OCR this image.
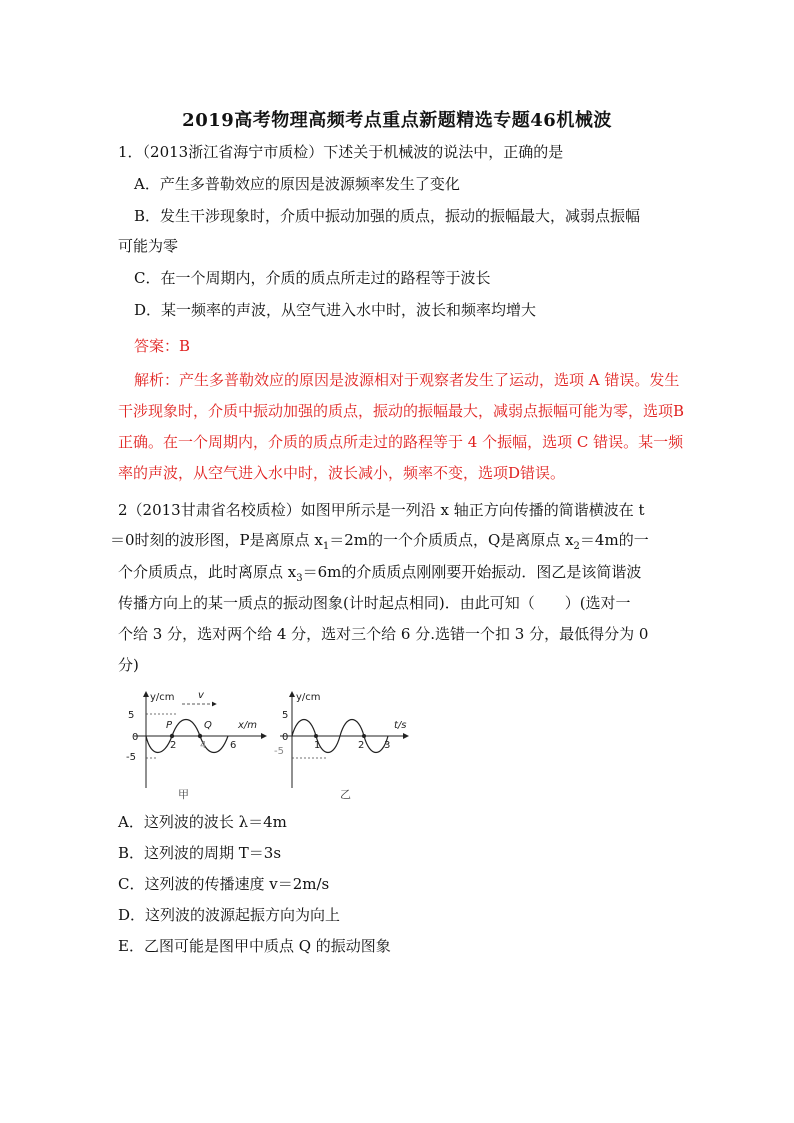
2019高考物理高频考点重点新题精选专题46机械波
1．（2013浙江省海宁市质检）下述关于机械波的说法中，正确的是
A．产生多普勒效应的原因是波源频率发生了变化
B．发生干涉现象时，介质中振动加强的质点，振动的振幅最大，减弱点振幅
可能为零
C．在一个周期内，介质的质点所走过的路程等于波长
D．某一频率的声波，从空气进入水中时，波长和频率均增大
答案：B
解析：产生多普勒效应的原因是波源相对于观察者发生了运动，选项 A 错误。发生
干涉现象时，介质中振动加强的质点，振动的振幅最大，减弱点振幅可能为零，选项B
正确。在一个周期内，介质的质点所走过的路程等于 4 个振幅，选项 C 错误。某一频
率的声波，从空气进入水中时，波长减小，频率不变，选项D错误。
2（2013甘肃省名校质检）如图甲所示是一列沿 x 轴正方向传播的简谐横波在 t
＝0时刻的波形图，P是离原点 $x_1=2m$的一个介质质点，Q是离原点 $x_2=4m$的一
个介质质点，此时离原点 $x_3=6m$的介质质点刚刚要开始振动．图乙是该简谐波
传播方向上的某一质点的振动图象(计时起点相同)．由此可知（　　）(选对一
个给 3 分，选对两个给 4 分，选对三个给 6 分.选错一个扣 3 分，最低得分为 0
分)
y/cm
x/m
5
0
-5
v
P	Q
2 4 6
甲
y/cm
t/s
5
0
-5
1	2 3
乙
A．这列波的波长 λ＝4m
B．这列波的周期 T＝3s
C．这列波的传播速度 v＝2m/s
D．这列波的波源起振方向为向上
E．乙图可能是图甲中质点 Q 的振动图象
